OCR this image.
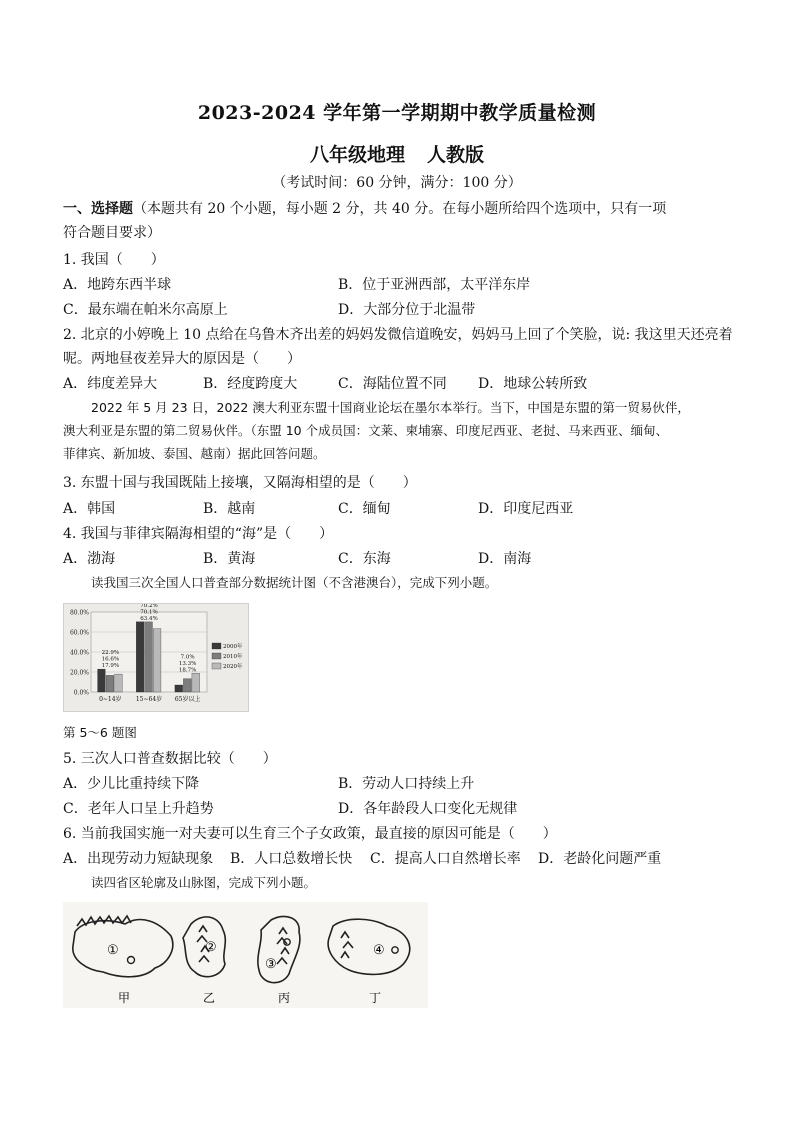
2023-2024 学年第一学期期中教学质量检测
八年级地理 人教版
（考试时间：60 分钟，满分：100 分）
一、选择题（本题共有 20 个小题，每小题 2 分，共 40 分。在每小题所给四个选项中，只有一项
符合题目要求）
1. 我国（　　）
A．地跨东西半球	B．位于亚洲西部，太平洋东岸
C．最东端在帕米尔高原上	D．大部分位于北温带
2. 北京的小婷晚上 10 点给在乌鲁木齐出差的妈妈发微信道晚安，妈妈马上回了个笑脸，说: 我这里天还亮着
呢。两地昼夜差异大的原因是（　　）
A．纬度差异大	B．经度跨度大	C．海陆位置不同 D．地球公转所致
2022 年 5 月 23 日，2022 澳大利亚东盟十国商业论坛在墨尔本举行。当下，中国是东盟的第一贸易伙伴，
澳大利亚是东盟的第二贸易伙伴。（东盟 10 个成员国：文莱、柬埔寨、印度尼西亚、老挝、马来西亚、缅甸、
菲律宾、新加坡、泰国、越南）据此回答问题。
3. 东盟十国与我国既陆上接壤，又隔海相望的是（　　）
A．韩国	B．越南	C．缅甸	D．印度尼西亚
4. 我国与菲律宾隔海相望的“海”是（　　）
A．渤海	B．黄海	C．东海	D．南海
读我国三次全国人口普查部分数据统计图（不含港澳台），完成下列小题。
80.0%
60.0%
40.0%
20.0%
0.0%
22.9%
16.6%
17.9%
0~14岁
70.2%
70.1%
63.4%
15~64岁
7.0%
13.3%
18.7%
65岁以上
2000年
2010年
2020年
第 5～6 题图
5. 三次人口普查数据比较（　　）
A．少儿比重持续下降	B．劳动人口持续上升
C．老年人口呈上升趋势	D．各年龄段人口变化无规律
6. 当前我国实施一对夫妻可以生育三个子女政策，最直接的原因可能是（　　）
A．出现劳动力短缺现象 B．人口总数增长快 C．提高人口自然增长率 D．老龄化问题严重
读四省区轮廓及山脉图，完成下列小题。
①	②
③
④
甲	乙	丙	丁
